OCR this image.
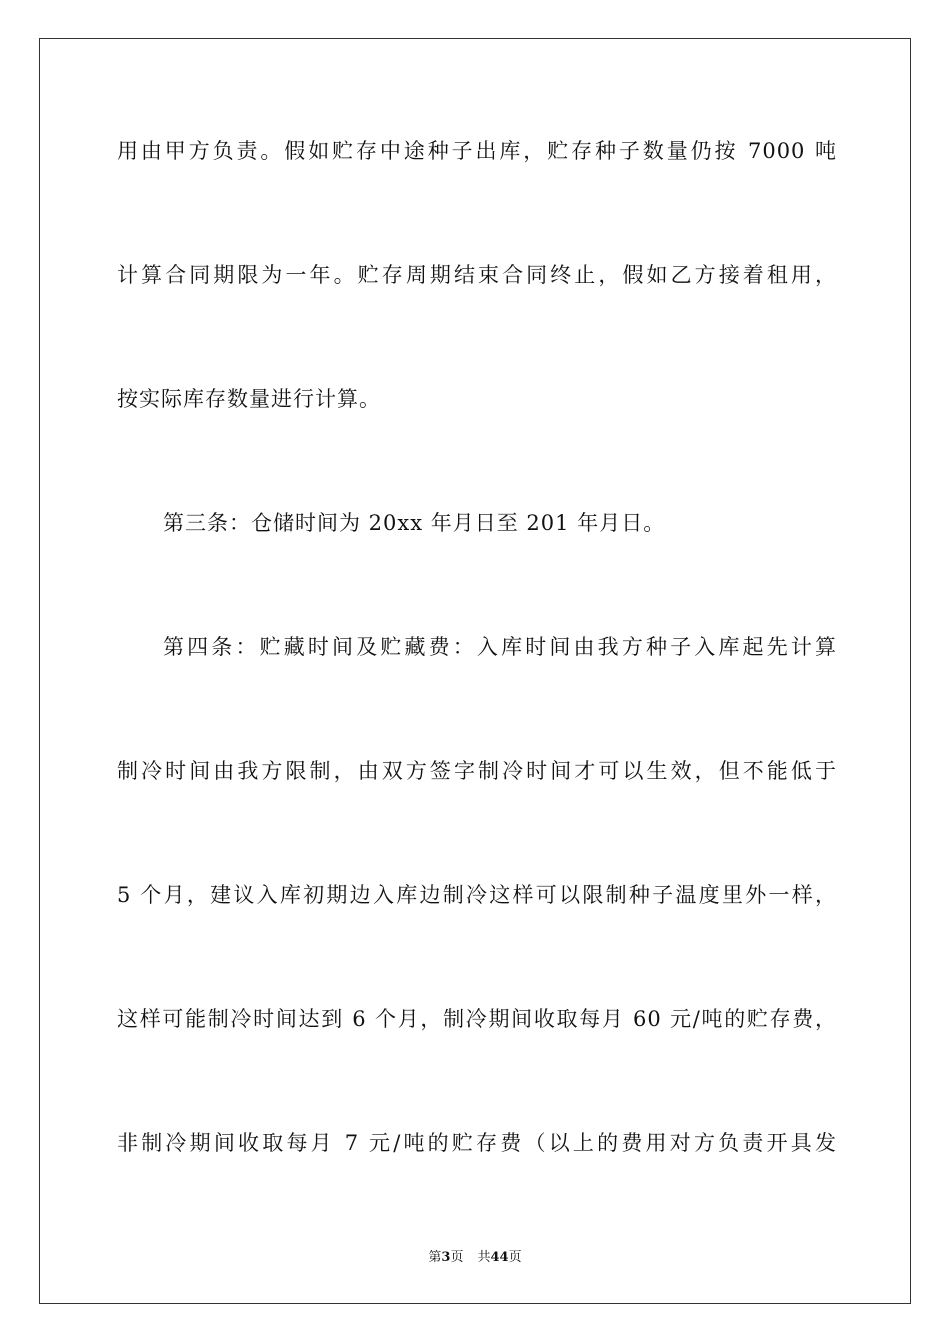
用由甲方负责。假如贮存中途种子出库，贮存种子数量仍按 7000 吨
计算合同期限为一年。贮存周期结束合同终止，假如乙方接着租用，
按实际库存数量进行计算。
第三条：仓储时间为 20xx 年月日至 201 年月日。
第四条：贮藏时间及贮藏费：入库时间由我方种子入库起先计算
制冷时间由我方限制，由双方签字制冷时间才可以生效，但不能低于
5 个月，建议入库初期边入库边制冷这样可以限制种子温度里外一样，
这样可能制冷时间达到 6 个月，制冷期间收取每月 60 元/吨的贮存费，
非制冷期间收取每月 7 元/吨的贮存费（以上的费用对方负责开具发
第3页 共44页
